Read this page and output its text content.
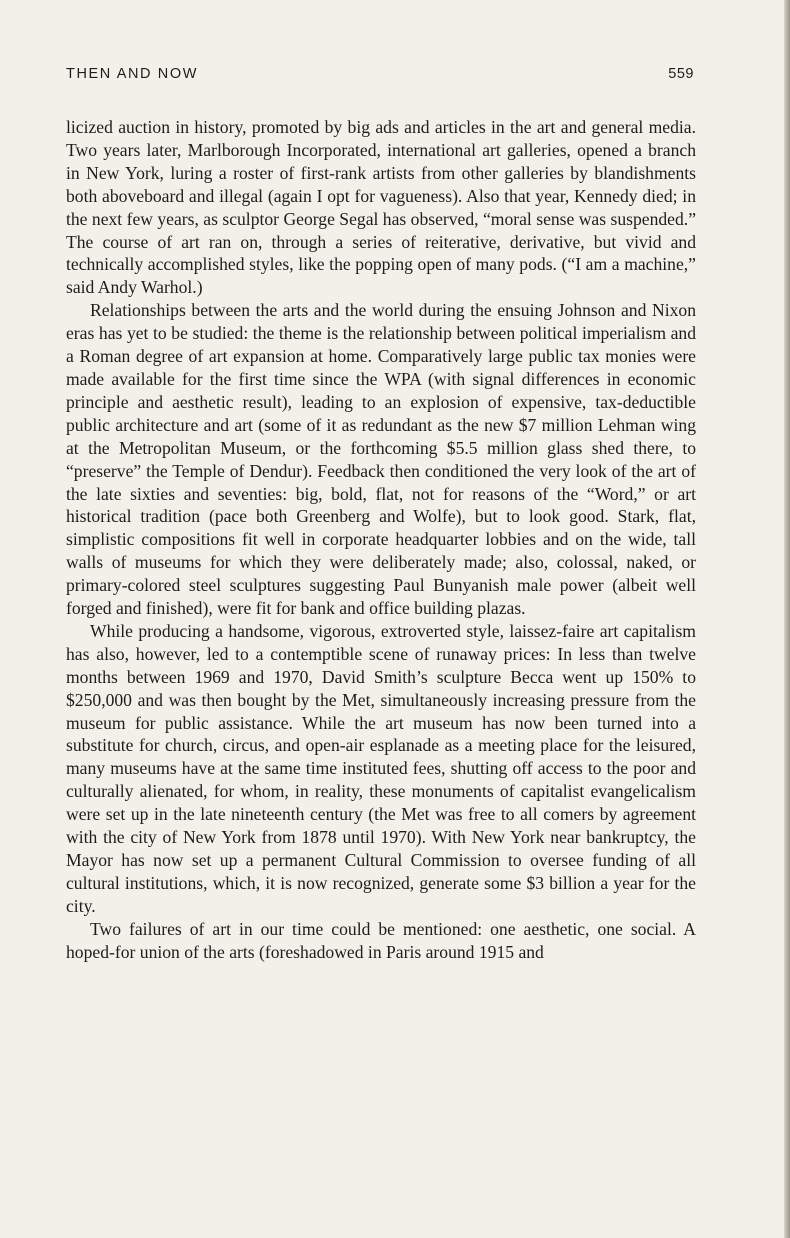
THEN AND NOW	559

licized auction in history, promoted by big ads and articles in the art and general media. Two years later, Marlborough Incorporated, international art galleries, opened a branch in New York, luring a roster of first-rank artists from other galleries by blandishments both aboveboard and illegal (again I opt for vagueness). Also that year, Kennedy died; in the next few years, as sculptor George Segal has observed, “moral sense was suspended.” The course of art ran on, through a series of reiterative, derivative, but vivid and technically accomplished styles, like the popping open of many pods. (“I am a machine,” said Andy Warhol.)

Relationships between the arts and the world during the ensuing Johnson and Nixon eras has yet to be studied: the theme is the relationship between political imperialism and a Roman degree of art expansion at home. Comparatively large public tax monies were made available for the first time since the WPA (with signal differences in economic principle and aesthetic result), leading to an explosion of expensive, tax-deductible public architecture and art (some of it as redundant as the new $7 million Lehman wing at the Metropolitan Museum, or the forthcoming $5.5 million glass shed there, to “preserve” the Temple of Dendur). Feedback then conditioned the very look of the art of the late sixties and seventies: big, bold, flat, not for reasons of the “Word,” or art historical tradition (pace both Greenberg and Wolfe), but to look good. Stark, flat, simplistic compositions fit well in corporate headquarter lobbies and on the wide, tall walls of museums for which they were deliberately made; also, colossal, naked, or primary-colored steel sculptures suggesting Paul Bunyanish male power (albeit well forged and finished), were fit for bank and office building plazas.

While producing a handsome, vigorous, extroverted style, laissez-faire art capitalism has also, however, led to a contemptible scene of runaway prices: In less than twelve months between 1969 and 1970, David Smith’s sculpture Becca went up 150% to $250,000 and was then bought by the Met, simultaneously increasing pressure from the museum for public assistance. While the art museum has now been turned into a substitute for church, circus, and open-air esplanade as a meeting place for the leisured, many museums have at the same time instituted fees, shutting off access to the poor and culturally alienated, for whom, in reality, these monuments of capitalist evangelicalism were set up in the late nineteenth century (the Met was free to all comers by agreement with the city of New York from 1878 until 1970). With New York near bankruptcy, the Mayor has now set up a permanent Cultural Commission to oversee funding of all cultural institutions, which, it is now recognized, generate some $3 billion a year for the city.

Two failures of art in our time could be mentioned: one aesthetic, one social. A hoped-for union of the arts (foreshadowed in Paris around 1915 and
